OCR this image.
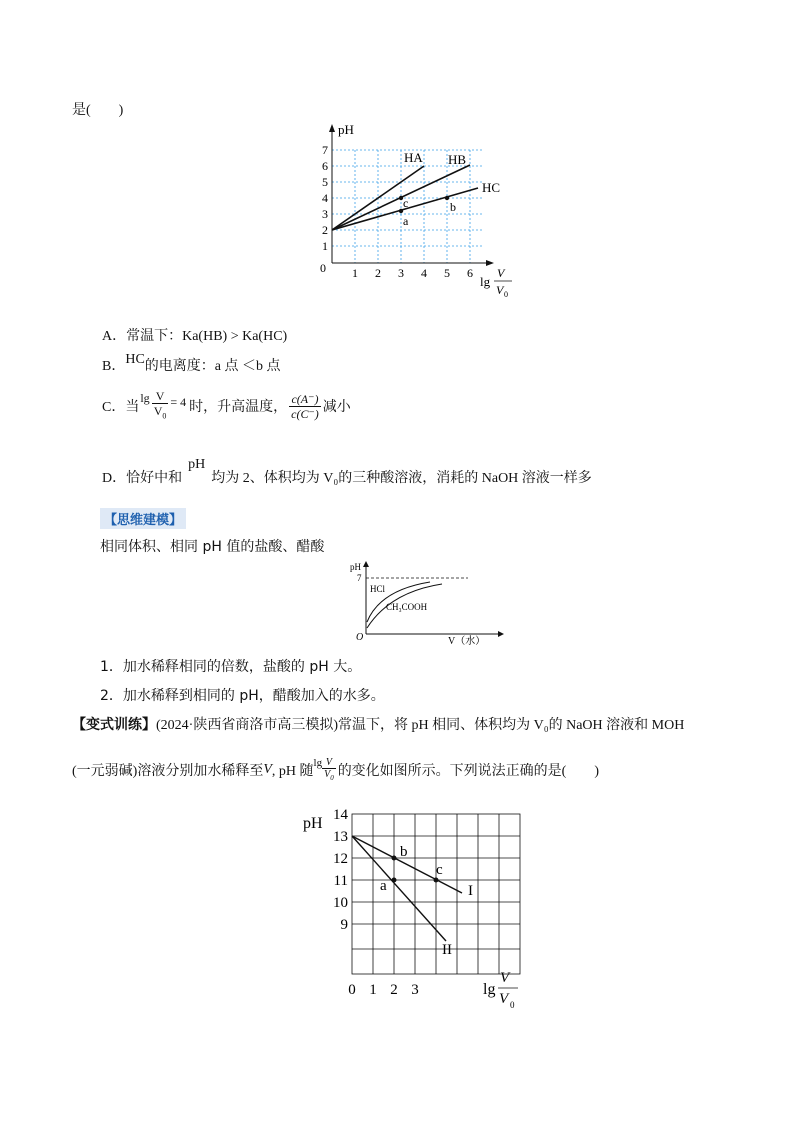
是(　　)
pH
0
1
2
3
4
5
6
7
1 2 3 4 5 6
HA HB
HC
c
a
b
lg
V
V 0
A．常温下：Ka(HB) > Ka(HC)
B．HC的电离度：a 点 ＜b 点
C．当
$\lg \frac{V}{V_0} = 4$ 时，升高温度， $\frac{c(A^-)}{c(C^-)}$ 减小
D．恰好中和pH均为 2、体积均为 V₀的三种酸溶液，消耗的 NaOH 溶液一样多
【思维建模】
相同体积、相同 pH 值的盐酸、醋酸
pH
7
O	V（水）
HCl
CH₃COOH
1．加水稀释相同的倍数，盐酸的 pH 大。
2．加水稀释到相同的 pH，醋酸加入的水多。
【变式训练】(2024·陕西省商洛市高三模拟)常温下，将 pH 相同、体积均为 V₀的 NaOH 溶液和 MOH
(一元弱碱)溶液分别加水稀释至 V , pH 随
$\lg \frac{V}{V_0}$ 的变化如图所示。下列说法正确的是(　　)
pH 14
13
12
11
10
9
0 1 2 3
b
c
a	I
II
lg
V
V 0
